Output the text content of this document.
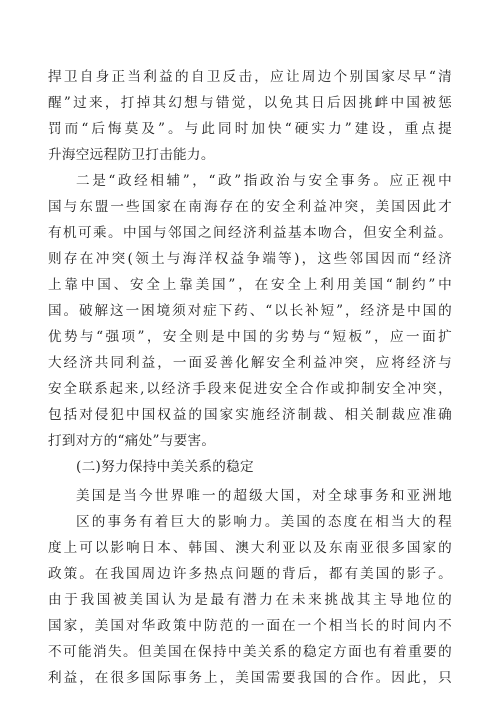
捍卫自身正当利益的自卫反击，应让周边个别国家尽早“清
醒”过来，打掉其幻想与错觉，以免其日后因挑衅中国被惩
罚而“后悔莫及”。与此同时加快“硬实力”建设，重点提
升海空远程防卫打击能力。
二是“政经相辅”，“政”指政治与安全事务。应正视中
国与东盟一些国家在南海存在的安全利益冲突，美国因此才
有机可乘。中国与邻国之间经济利益基本吻合，但安全利益。
则存在冲突(领土与海洋权益争端等)，这些邻国因而“经济
上靠中国、安全上靠美国”，在安全上利用美国“制约”中
国。破解这一困境须对症下药、“以长补短”，经济是中国的
优势与“强项”，安全则是中国的劣势与“短板”，应一面扩
大经济共同利益，一面妥善化解安全利益冲突，应将经济与
安全联系起来,以经济手段来促进安全合作或抑制安全冲突，
包括对侵犯中国权益的国家实施经济制裁、相关制裁应准确
打到对方的“痛处”与要害。
(二)努力保持中美关系的稳定
美国是当今世界唯一的超级大国，对全球事务和亚洲地
区的事务有着巨大的影响力。美国的态度在相当大的程
度上可以影响日本、韩国、澳大利亚以及东南亚很多国家的
政策。在我国周边许多热点问题的背后，都有美国的影子。
由于我国被美国认为是最有潜力在未来挑战其主导地位的
国家，美国对华政策中防范的一面在一个相当长的时间内不
不可能消失。但美国在保持中美关系的稳定方面也有着重要的
利益，在很多国际事务上，美国需要我国的合作。因此，只
